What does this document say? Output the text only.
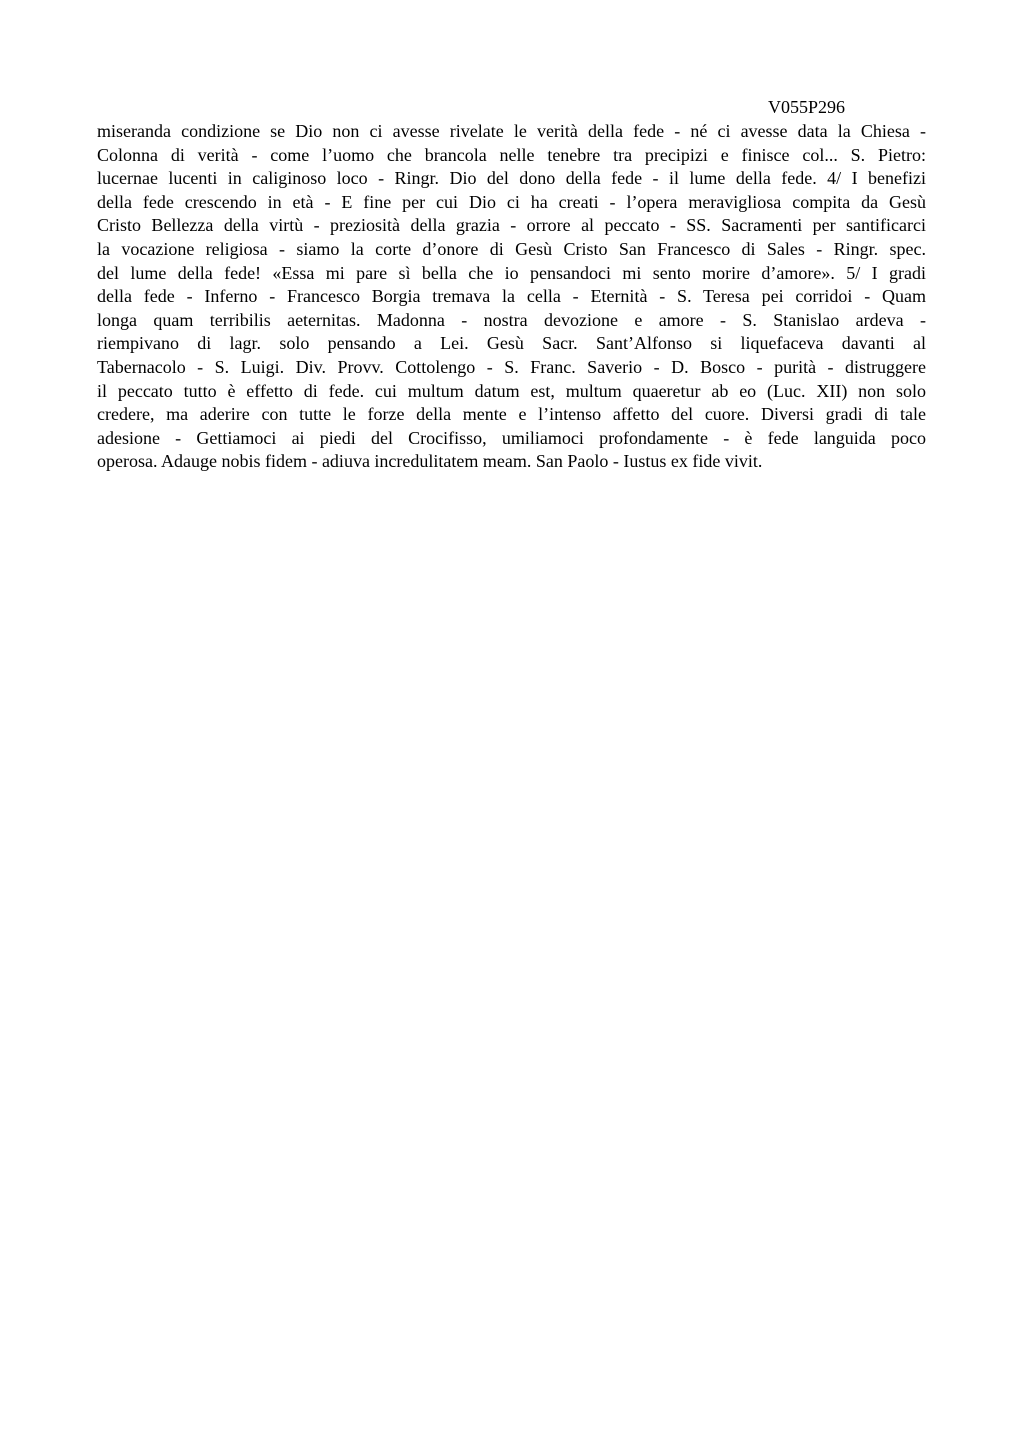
V055P296
miseranda condizione se Dio non ci avesse rivelate le verità della fede - né ci avesse data la Chiesa -
Colonna di verità - come l’uomo che brancola nelle tenebre tra precipizi e finisce col... S. Pietro:
lucernae lucenti in caliginoso loco - Ringr. Dio del dono della fede - il lume della fede. 4/ I benefizi
della fede crescendo in età - E fine per cui Dio ci ha creati - l’opera meravigliosa compita da Gesù
Cristo Bellezza della virtù - preziosità della grazia - orrore al peccato - SS. Sacramenti per santificarci
la vocazione religiosa - siamo la corte d’onore di Gesù Cristo San Francesco di Sales - Ringr. spec.
del lume della fede! «Essa mi pare sì bella che io pensandoci mi sento morire d’amore». 5/ I gradi
della fede - Inferno - Francesco Borgia tremava la cella - Eternità - S. Teresa pei corridoi - Quam
longa quam terribilis aeternitas. Madonna - nostra devozione e amore - S. Stanislao ardeva -
riempivano di lagr. solo pensando a Lei. Gesù Sacr. Sant’Alfonso si liquefaceva davanti al
Tabernacolo - S. Luigi. Div. Provv. Cottolengo - S. Franc. Saverio - D. Bosco - purità - distruggere
il peccato tutto è effetto di fede. cui multum datum est, multum quaeretur ab eo (Luc. XII) non solo
credere, ma aderire con tutte le forze della mente e l’intenso affetto del cuore. Diversi gradi di tale
adesione - Gettiamoci ai piedi del Crocifisso, umiliamoci profondamente - è fede languida poco
operosa. Adauge nobis fidem - adiuva incredulitatem meam. San Paolo - Iustus ex fide vivit.
